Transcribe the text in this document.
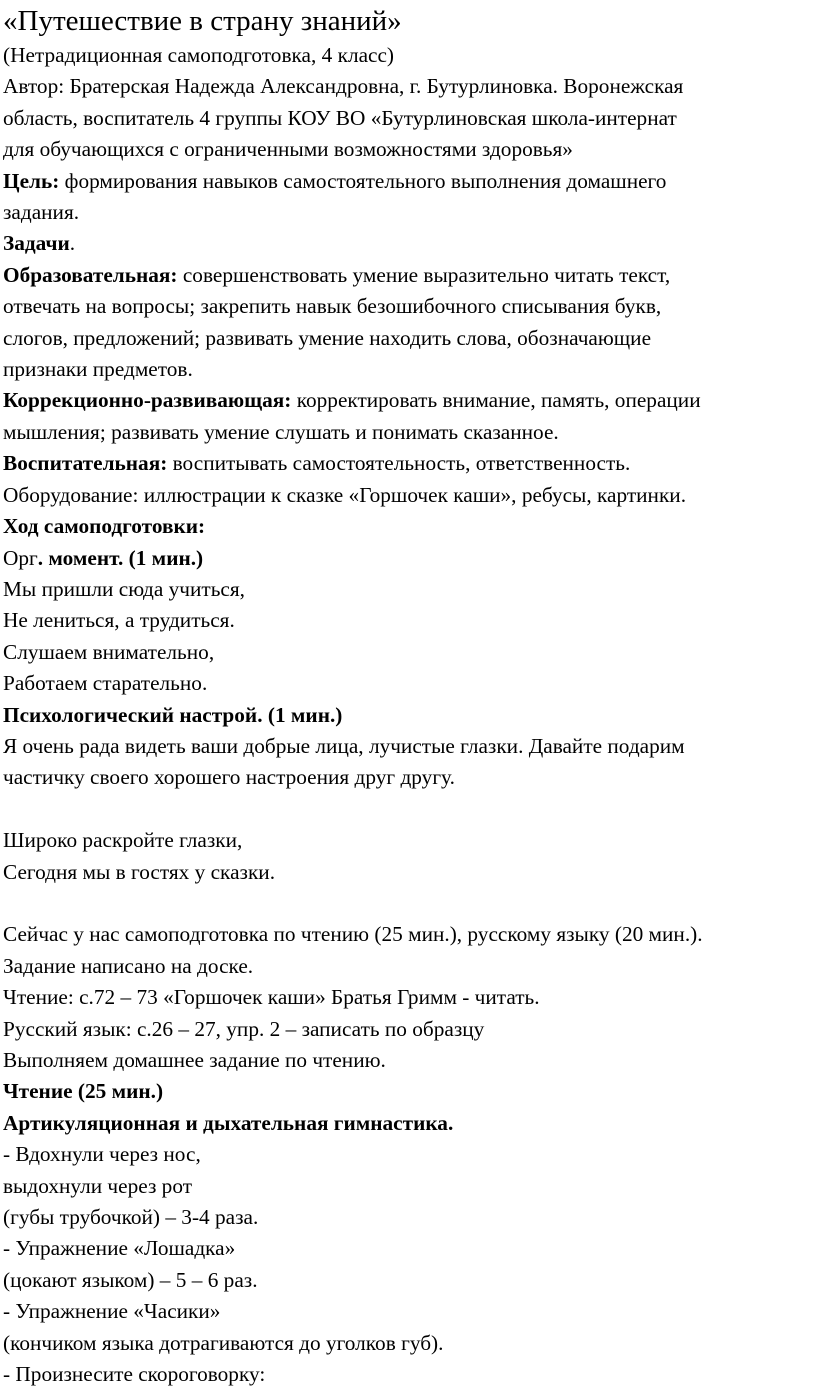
«Путешествие в страну знаний»

(Нетрадиционная самоподготовка, 4 класс)

Автор: Братерская Надежда Александровна, г. Бутурлиновка. Воронежская

область, воспитатель 4 группы КОУ ВО «Бутурлиновская школа-интернат

для обучающихся с ограниченными возможностями здоровья»

Цель: формирования навыков самостоятельного выполнения домашнего

задания.

Задачи.

Образовательная: совершенствовать умение выразительно читать текст,

отвечать на вопросы; закрепить навык безошибочного списывания букв,

слогов, предложений; развивать умение находить слова, обозначающие

признаки предметов.

Коррекционно-развивающая: корректировать внимание, память, операции

мышления; развивать умение слушать и понимать сказанное.

Воспитательная: воспитывать самостоятельность, ответственность.

Оборудование: иллюстрации к сказке «Горшочек каши», ребусы, картинки.

Ход самоподготовки:

Орг. момент. (1 мин.)

Мы пришли сюда учиться,

Не лениться, а трудиться.

Слушаем внимательно,

Работаем старательно.

Психологический настрой. (1 мин.)

Я очень рада видеть ваши добрые лица, лучистые глазки. Давайте подарим

частичку своего хорошего настроения друг другу.

Широко раскройте глазки,

Сегодня мы в гостях у сказки.

Сейчас у нас самоподготовка по чтению (25 мин.), русскому языку (20 мин.).

Задание написано на доске.

Чтение: с.72 – 73 «Горшочек каши» Братья Гримм - читать.

Русский язык: с.26 – 27, упр. 2 – записать по образцу

Выполняем домашнее задание по чтению.

Чтение (25 мин.)

Артикуляционная и дыхательная гимнастика.

- Вдохнули через нос,

выдохнули через рот

(губы трубочкой) – 3-4 раза.

- Упражнение «Лошадка»

(цокают языком) – 5 – 6 раз.

- Упражнение «Часики»

(кончиком языка дотрагиваются до уголков губ).

- Произнесите скороговорку:
